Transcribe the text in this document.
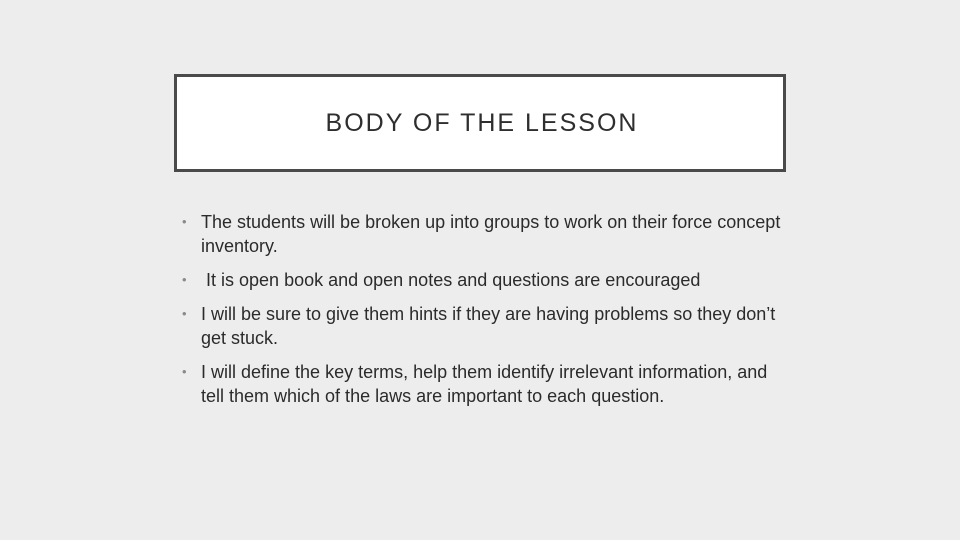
BODY OF THE LESSON
• The students will be broken up into groups to work on their force concept inventory.
• It is open book and open notes and questions are encouraged
• I will be sure to give them hints if they are having problems so they don’t get stuck.
• I will define the key terms, help them identify irrelevant information, and tell them which of the laws are important to each question.
